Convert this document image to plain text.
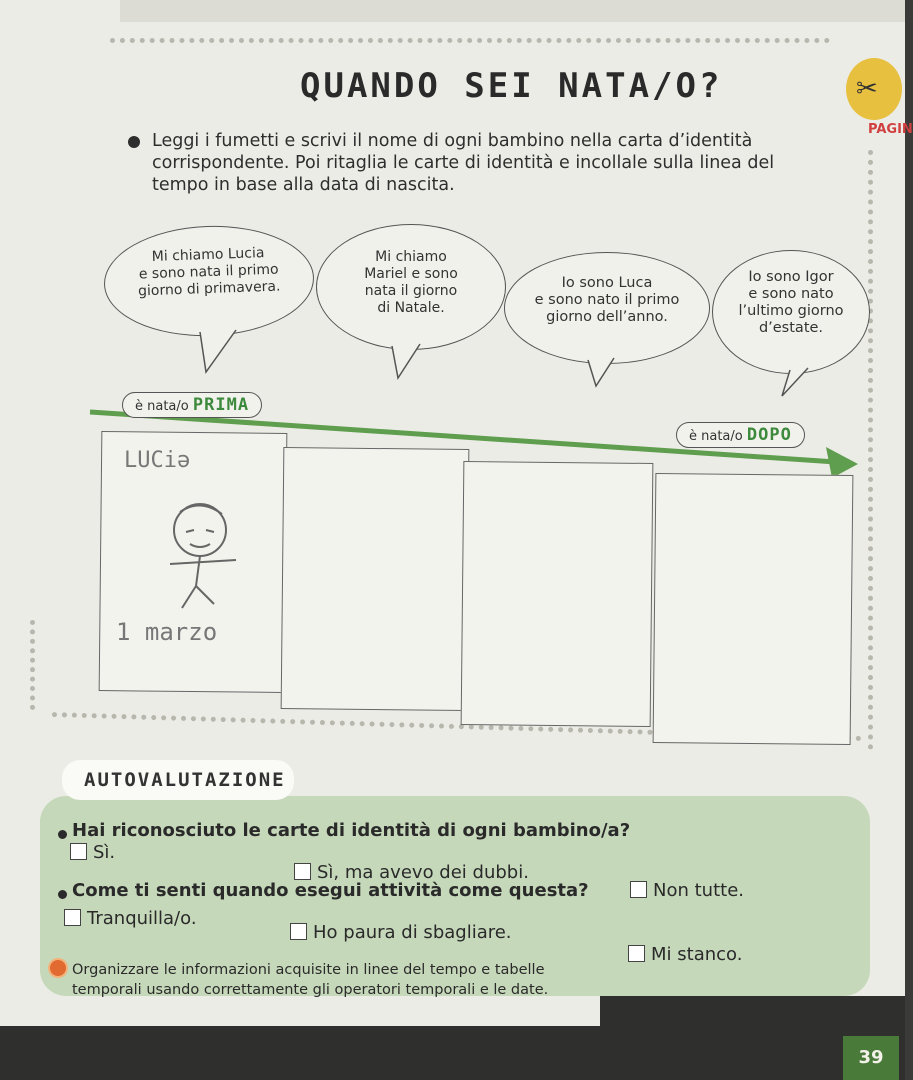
QUANDO SEI NATA/O?	✂
PAGIN
Leggi i fumetti e scrivi il nome di ogni bambino nella carta d’identità corrispondente. Poi ritaglia le carte di identità e incollale sulla linea del tempo in base alla data di nascita.
Mi chiamo Lucia
e sono nata il primo
giorno di primavera.
Mi chiamo
Mariel e sono
nata il giorno
di Natale.
Io sono Luca
e sono nato il primo
giorno dell’anno.
Io sono Igor
e sono nato
l’ultimo giorno
d’estate.
è nata/o PRIMA
è nata/o DOPO
LUCiə
1 marzo
AUTOVALUTAZIONE
Hai riconosciuto le carte di identità di ogni bambino/a?
Sì.
Sì, ma avevo dei dubbi.
Non tutte.
Come ti senti quando esegui attività come questa?
Tranquilla/o.
Ho paura di sbagliare.
Mi stanco.
Organizzare le informazioni acquisite in linee del tempo e tabelle temporali usando correttamente gli operatori temporali e le date.
39
